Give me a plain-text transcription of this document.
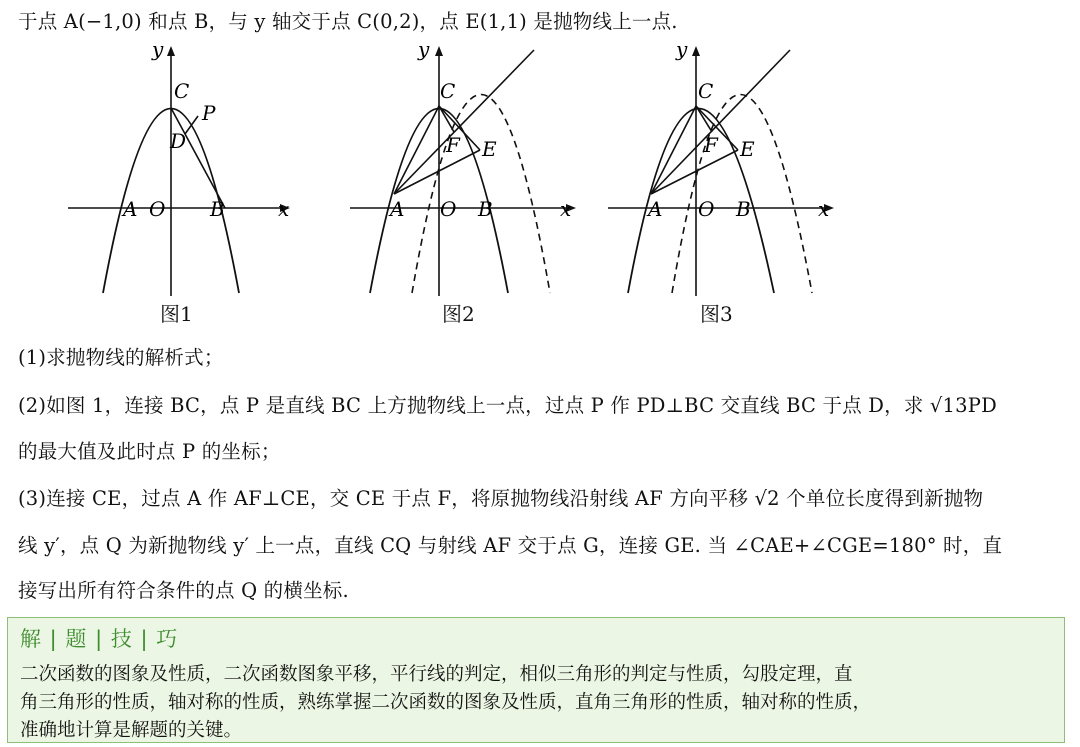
于点 A(−1,0) 和点 B，与 y 轴交于点 C(0,2)，点 E(1,1) 是抛物线上一点.
y
x
C
P
D
A O B
y
x
C
F E
A O B
y
x
C
F E
A O B
图1	图2	图3
(1)求抛物线的解析式；
(2)如图 1，连接 BC，点 P 是直线 BC 上方抛物线上一点，过点 P 作 PD⊥BC 交直线 BC 于点 D，求 √13PD
的最大值及此时点 P 的坐标；
(3)连接 CE，过点 A 作 AF⊥CE，交 CE 于点 F，将原抛物线沿射线 AF 方向平移 √2 个单位长度得到新抛物
线 y′，点 Q 为新抛物线 y′ 上一点，直线 CQ 与射线 AF 交于点 G，连接 GE. 当 ∠CAE+∠CGE=180° 时，直
接写出所有符合条件的点 Q 的横坐标.
解 | 题 | 技 | 巧
二次函数的图象及性质，二次函数图象平移，平行线的判定，相似三角形的判定与性质，勾股定理，直
角三角形的性质，轴对称的性质，熟练掌握二次函数的图象及性质，直角三角形的性质，轴对称的性质，
准确地计算是解题的关键。
